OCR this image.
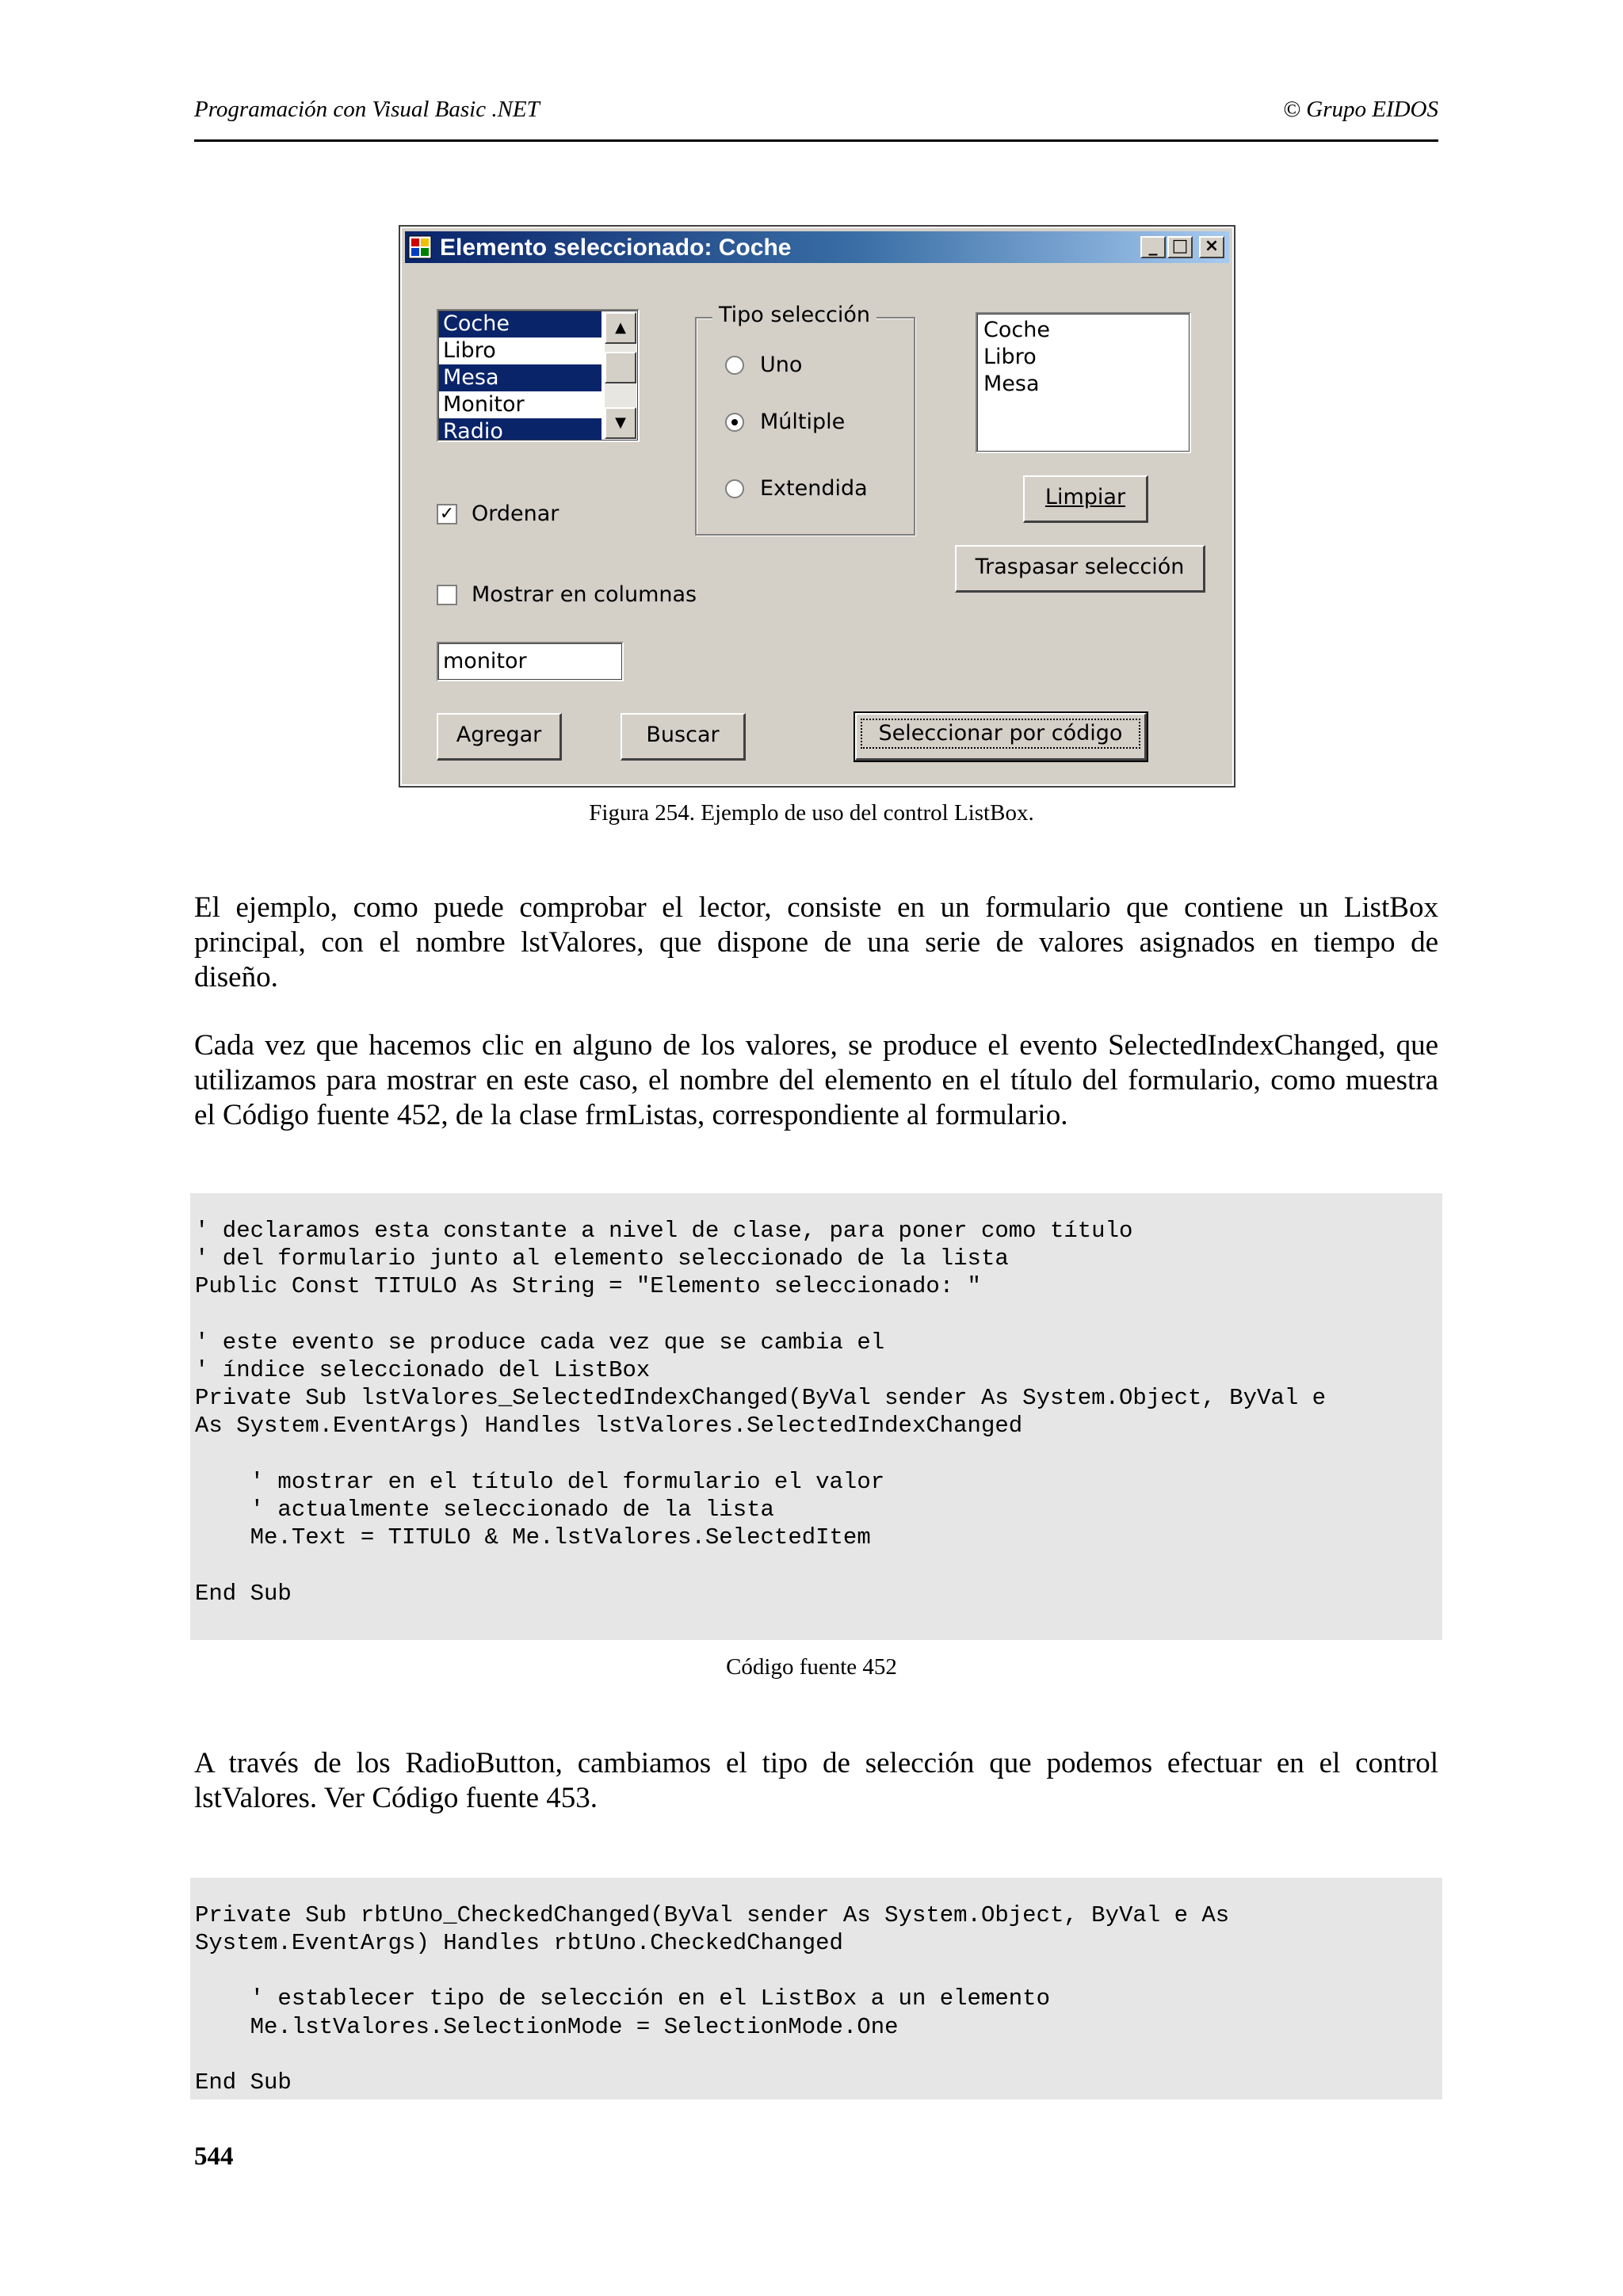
Programación con Visual Basic .NET	© Grupo EIDOS
Elemento seleccionado: Coche	_ □ ×
Coche
Libro
Mesa
Monitor
Radio
▲
▼
Tipo selección
Uno
Múltiple
Extendida
Coche
Libro
Mesa
Limpiar
✓ Ordenar
Traspasar selección
Mostrar en columnas
monitor
Agregar	Buscar	Seleccionar por código
Figura 254. Ejemplo de uso del control ListBox.
El ejemplo, como puede comprobar el lector, consiste en un formulario que contiene un ListBox
principal, con el nombre lstValores, que dispone de una serie de valores asignados en tiempo de
diseño.
Cada vez que hacemos clic en alguno de los valores, se produce el evento SelectedIndexChanged, que
utilizamos para mostrar en este caso, el nombre del elemento en el título del formulario, como muestra
el Código fuente 452, de la clase frmListas, correspondiente al formulario.
' declaramos esta constante a nivel de clase, para poner como título
' del formulario junto al elemento seleccionado de la lista
Public Const TITULO As String = "Elemento seleccionado: "
' este evento se produce cada vez que se cambia el
' índice seleccionado del ListBox
Private Sub lstValores_SelectedIndexChanged(ByVal sender As System.Object, ByVal e
As System.EventArgs) Handles lstValores.SelectedIndexChanged
' mostrar en el título del formulario el valor
' actualmente seleccionado de la lista
Me.Text = TITULO & Me.lstValores.SelectedItem
End Sub
Código fuente 452
A través de los RadioButton, cambiamos el tipo de selección que podemos efectuar en el control
lstValores. Ver Código fuente 453.
Private Sub rbtUno_CheckedChanged(ByVal sender As System.Object, ByVal e As
System.EventArgs) Handles rbtUno.CheckedChanged
' establecer tipo de selección en el ListBox a un elemento
Me.lstValores.SelectionMode = SelectionMode.One
End Sub
544
